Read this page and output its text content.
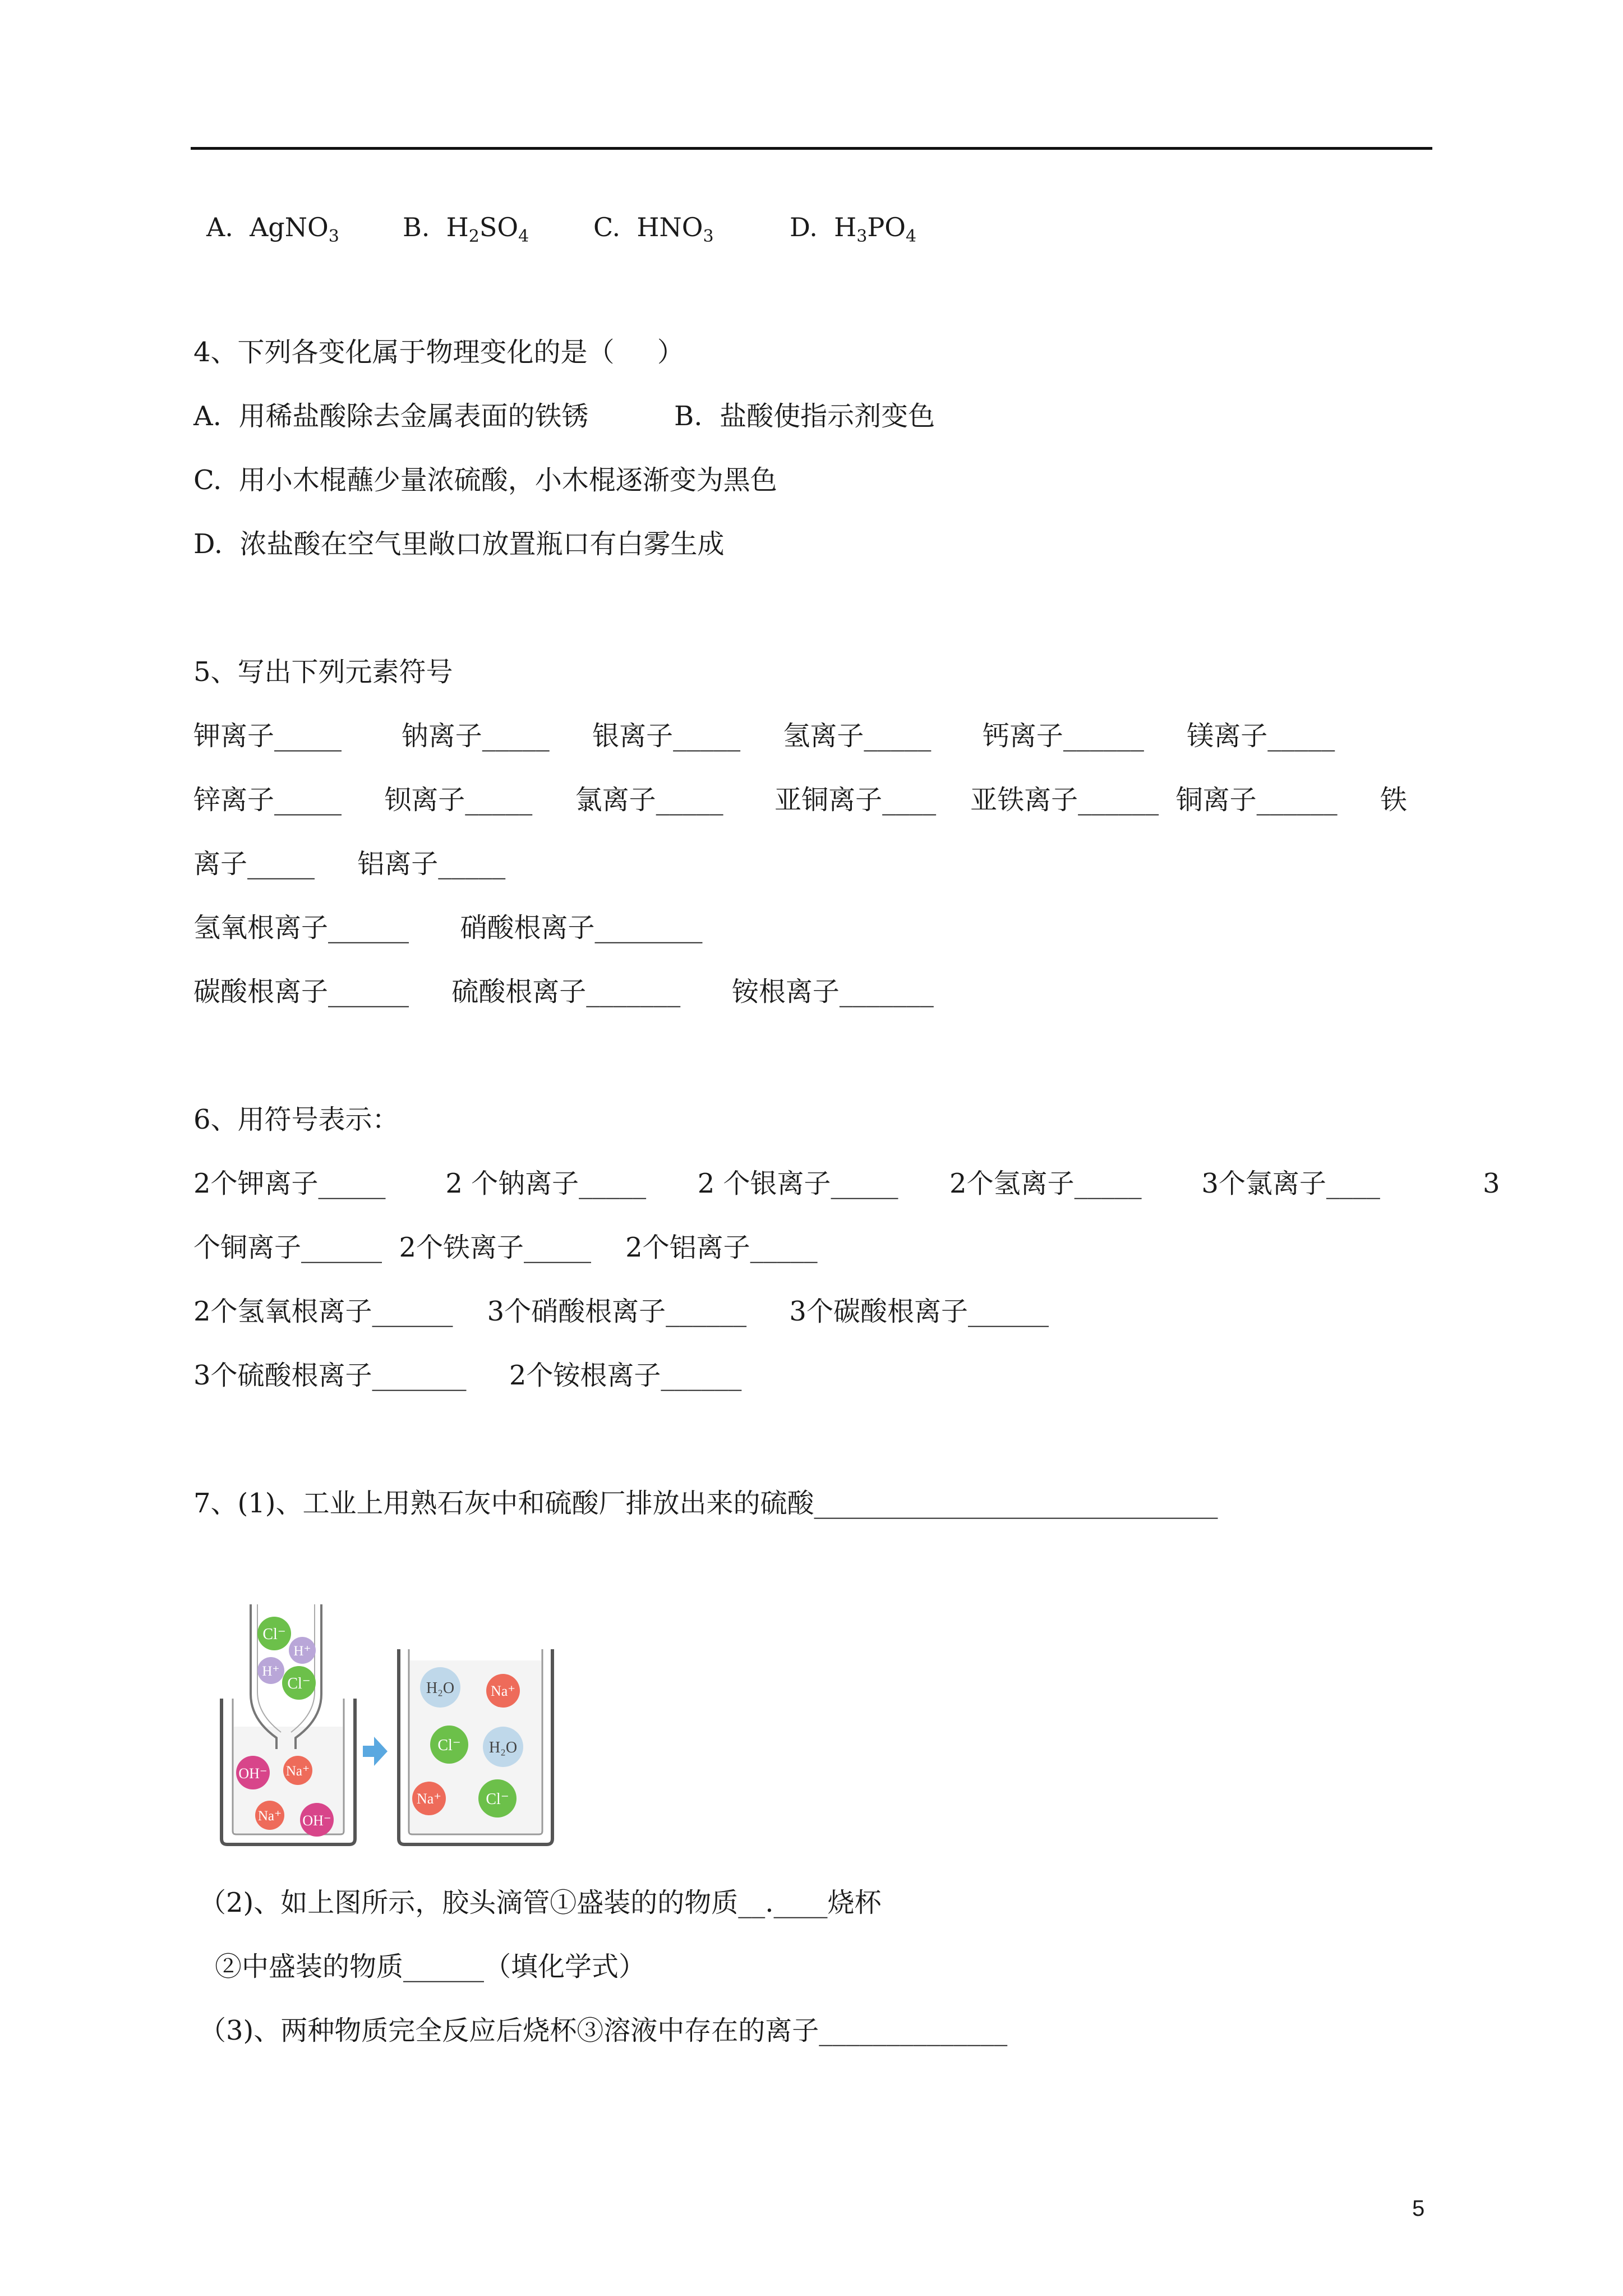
A.  AgNO$_3$ B.  $H_2SO_4$ C.  $HNO_3$	D.  $H_3PO_4$
4、下列各变化属于物理变化的是（     ）
A.  用稀盐酸除去金属表面的铁锈          B.  盐酸使指示剂变色
C.  用小木棍蘸少量浓硫酸，小木棍逐渐变为黑色
D.  浓盐酸在空气里敞口放置瓶口有白雾生成
5、写出下列元素符号
钾离子_____       钠离子_____     银离子_____     氢离子_____      钙离子______     镁离子_____
锌离子_____     钡离子_____     氯离子_____      亚铜离子____    亚铁离子______  铜离子______     铁
离子_____     铝离子_____
氢氧根离子______      硝酸根离子________
碳酸根离子______     硫酸根离子_______      铵根离子_______
6、用符号表示：
2个钾离子_____       2 个钠离子_____      2 个银离子_____      2个氢离子_____       3个氯离子____            3
个铜离子______  2个铁离子_____    2个铝离子_____
2个氢氧根离子______    3个硝酸根离子______     3个碳酸根离子______
3个硫酸根离子_______     2个铵根离子______
7、(1)、工业上用熟石灰中和硫酸厂排放出来的硫酸______________________________
Cl⁻
H⁺
H⁺
Cl⁻
OH⁻ Na⁺
Na⁺ OH⁻
H₂O Na⁺
Cl⁻ H₂O
Na⁺	Cl⁻
（2)、如上图所示，胶头滴管①盛装的的物质__.____烧杯
②中盛装的物质______（填化学式）
（3)、两种物质完全反应后烧杯③溶液中存在的离子______________
5
